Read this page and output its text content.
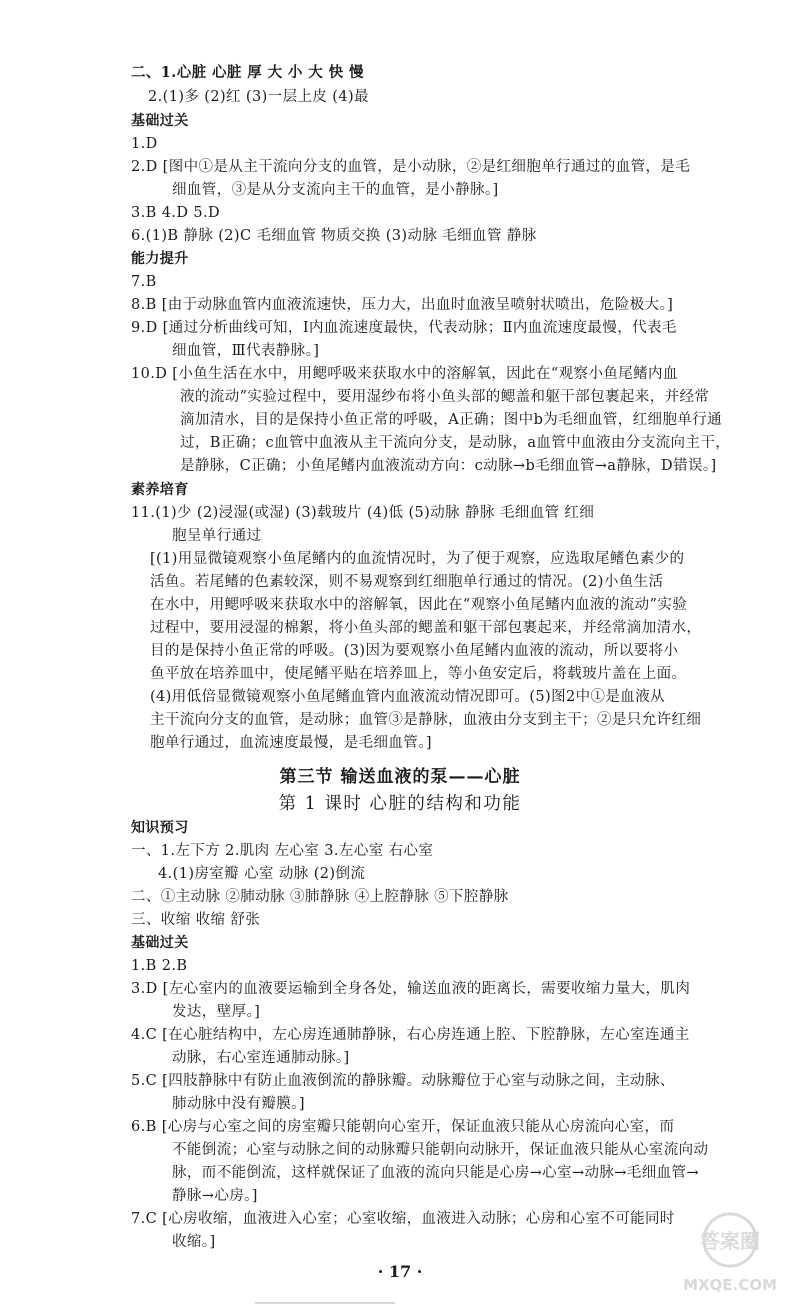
二、1.心脏 心脏 厚 大 小 大 快 慢
2.(1)多 (2)红 (3)一层上皮 (4)最
基础过关
1.D
2.D [图中①是从主干流向分支的血管，是小动脉，②是红细胞单行通过的血管，是毛
细血管，③是从分支流向主干的血管，是小静脉。]
3.B 4.D 5.D
6.(1)B 静脉 (2)C 毛细血管 物质交换 (3)动脉 毛细血管 静脉
能力提升
7.B
8.B [由于动脉血管内血液流速快，压力大，出血时血液呈喷射状喷出，危险极大。]
9.D [通过分析曲线可知，Ⅰ内血流速度最快，代表动脉；Ⅱ内血流速度最慢，代表毛
细血管，Ⅲ代表静脉。]
10.D [小鱼生活在水中，用鳃呼吸来获取水中的溶解氧，因此在“观察小鱼尾鳍内血
液的流动”实验过程中，要用湿纱布将小鱼头部的鳃盖和躯干部包裹起来，并经常
滴加清水，目的是保持小鱼正常的呼吸，A正确；图中b为毛细血管，红细胞单行通
过，B正确；c血管中血液从主干流向分支，是动脉，a血管中血液由分支流向主干，
是静脉，C正确；小鱼尾鳍内血液流动方向：c动脉→b毛细血管→a静脉，D错误。]
素养培育
11.(1)少 (2)浸湿(或湿) (3)载玻片 (4)低 (5)动脉 静脉 毛细血管 红细
胞呈单行通过
[(1)用显微镜观察小鱼尾鳍内的血流情况时，为了便于观察，应选取尾鳍色素少的
活鱼。若尾鳍的色素较深，则不易观察到红细胞单行通过的情况。(2)小鱼生活
在水中，用鳃呼吸来获取水中的溶解氧，因此在“观察小鱼尾鳍内血液的流动”实验
过程中，要用浸湿的棉絮，将小鱼头部的鳃盖和躯干部包裹起来，并经常滴加清水，
目的是保持小鱼正常的呼吸。(3)因为要观察小鱼尾鳍内血液的流动，所以要将小
鱼平放在培养皿中，使尾鳍平贴在培养皿上，等小鱼安定后，将载玻片盖在上面。
(4)用低倍显微镜观察小鱼尾鳍血管内血液流动情况即可。(5)图2中①是血液从
主干流向分支的血管，是动脉；血管③是静脉，血液由分支到主干；②是只允许红细
胞单行通过，血流速度最慢，是毛细血管。]
第三节 输送血液的泵——心脏
第 1 课时 心脏的结构和功能
知识预习
一、1.左下方 2.肌肉 左心室 3.左心室 右心室
4.(1)房室瓣 心室 动脉 (2)倒流
二、①主动脉 ②肺动脉 ③肺静脉 ④上腔静脉 ⑤下腔静脉
三、收缩 收缩 舒张
基础过关
1.B 2.B
3.D [左心室内的血液要运输到全身各处，输送血液的距离长，需要收缩力量大，肌肉
发达，壁厚。]
4.C [在心脏结构中，左心房连通肺静脉，右心房连通上腔、下腔静脉，左心室连通主
动脉，右心室连通肺动脉。]
5.C [四肢静脉中有防止血液倒流的静脉瓣。动脉瓣位于心室与动脉之间，主动脉、
肺动脉中没有瓣膜。]
6.B [心房与心室之间的房室瓣只能朝向心室开，保证血液只能从心房流向心室，而
不能倒流；心室与动脉之间的动脉瓣只能朝向动脉开，保证血液只能从心室流向动
脉，而不能倒流，这样就保证了血液的流向只能是心房→心室→动脉→毛细血管→
静脉→心房。]
7.C [心房收缩，血液进入心室；心室收缩，血液进入动脉；心房和心室不可能同时
收缩。]
· 17 ·
答案圈
MXQE.COM
